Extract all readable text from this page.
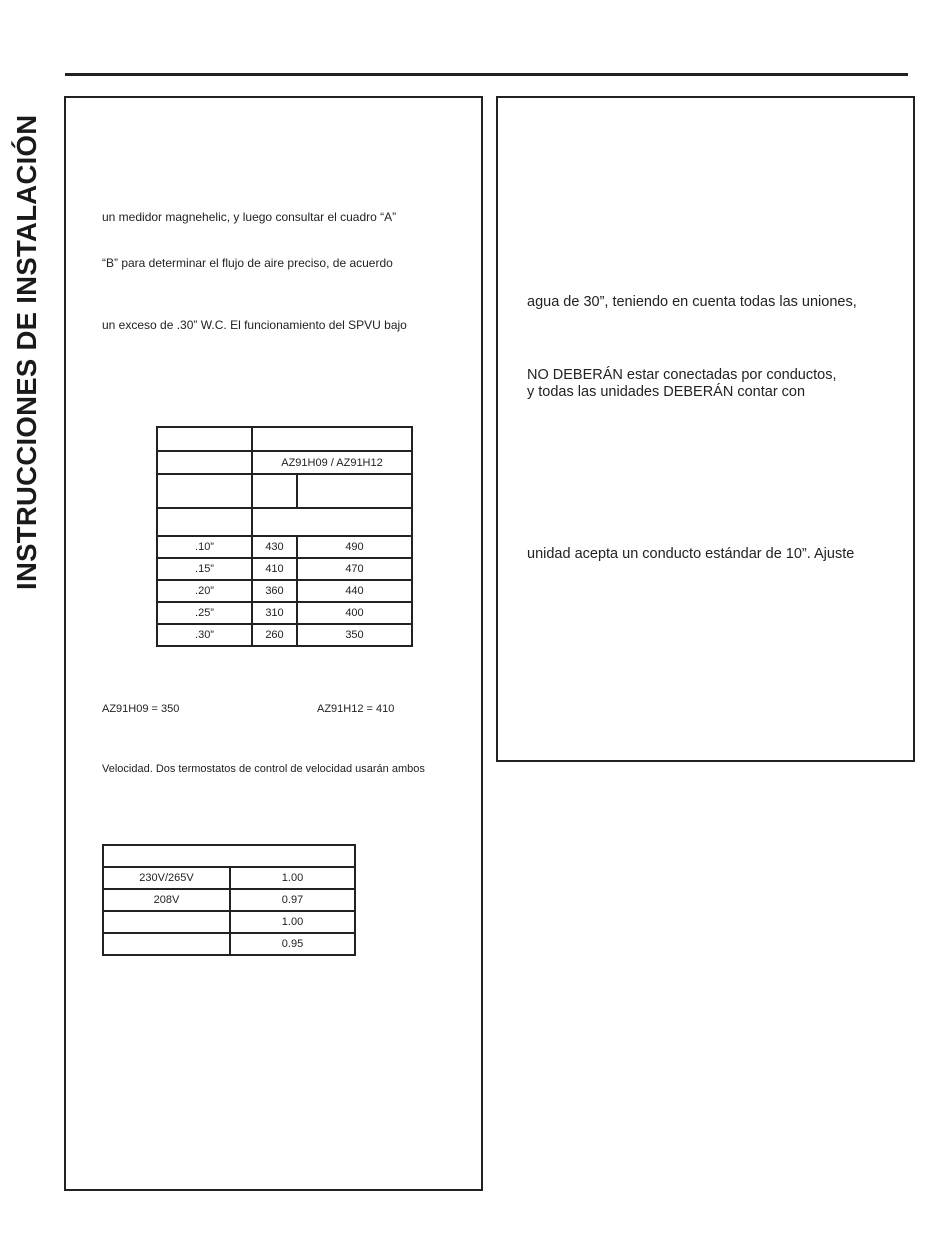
INSTRUCCIONES DE INSTALACIÓN	un medidor magnehelic, y luego consultar el cuadro “A”
“B” para determinar el flujo de aire preciso, de acuerdo
un exceso de .30” W.C. El funcionamiento del SPVU bajo

	AZ91H09 / AZ91H12	

.10”	430	490
.15”	410	470
.20”	360	440
.25”	310	400
.30”	260	350
AZ91H09 = 350	AZ91H12 = 410
Velocidad. Dos termostatos de control de velocidad usarán ambos

230V/265V	1.00
208V	0.97
	1.00
	0.95
agua de 30”, teniendo en cuenta todas las uniones,
NO DEBERÁN estar conectadas por conductos,
y todas las unidades DEBERÁN contar con
unidad acepta un conducto estándar de 10”. Ajuste
